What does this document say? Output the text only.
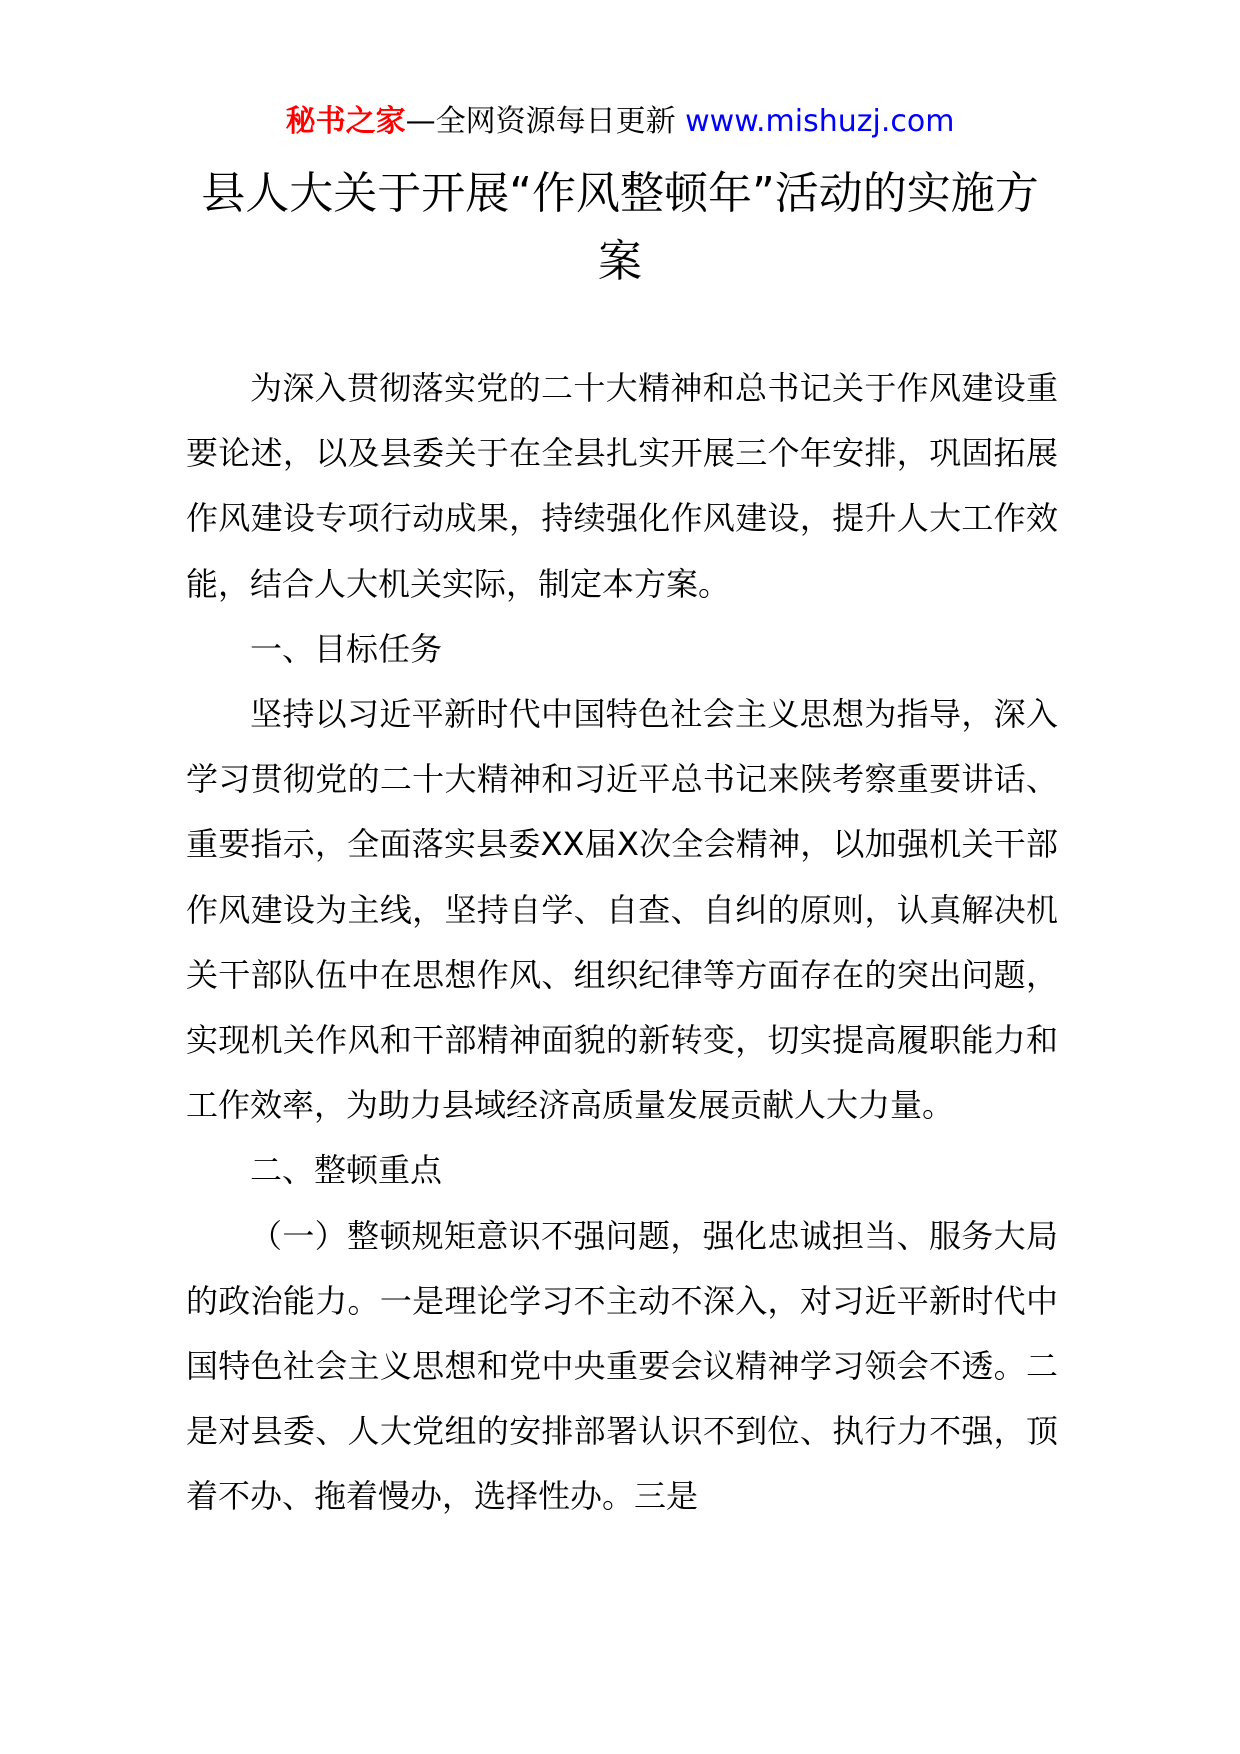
秘书之家—全网资源每日更新 www.mishuzj.com
县人大关于开展“作风整顿年”活动的实施方案

为深入贯彻落实党的二十大精神和总书记关于作风建设重要论述，以及县委关于在全县扎实开展三个年安排，巩固拓展作风建设专项行动成果，持续强化作风建设，提升人大工作效能，结合人大机关实际，制定本方案。

一、目标任务

坚持以习近平新时代中国特色社会主义思想为指导，深入学习贯彻党的二十大精神和习近平总书记来陕考察重要讲话、重要指示，全面落实县委XX届X次全会精神，以加强机关干部作风建设为主线，坚持自学、自查、自纠的原则，认真解决机关干部队伍中在思想作风、组织纪律等方面存在的突出问题，实现机关作风和干部精神面貌的新转变，切实提高履职能力和工作效率，为助力县域经济高质量发展贡献人大力量。

二、整顿重点

（一）整顿规矩意识不强问题，强化忠诚担当、服务大局的政治能力。一是理论学习不主动不深入，对习近平新时代中国特色社会主义思想和党中央重要会议精神学习领会不透。二是对县委、人大党组的安排部署认识不到位、执行力不强，顶着不办、拖着慢办，选择性办。三是
